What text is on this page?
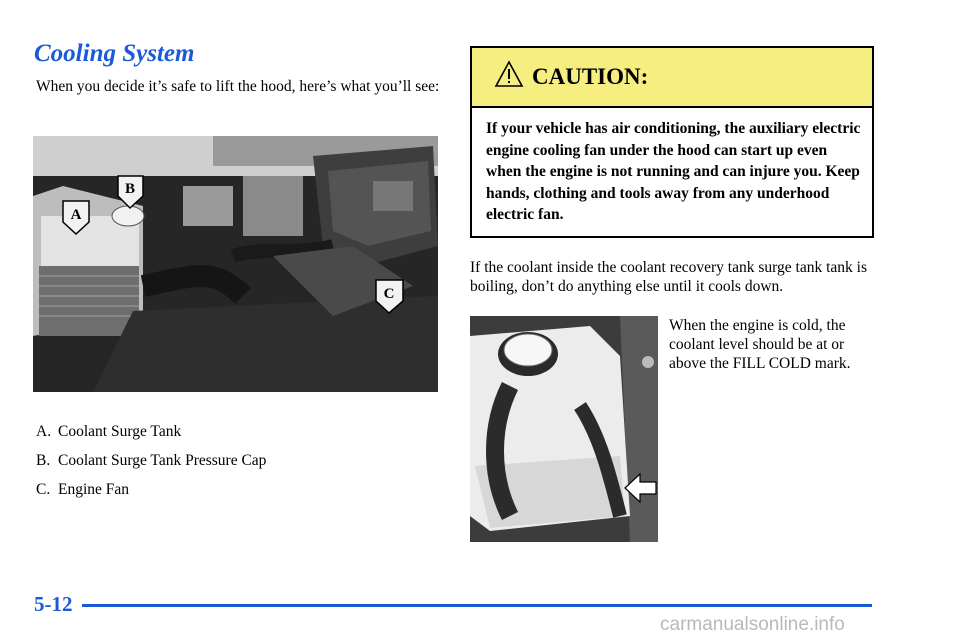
Cooling System
When you decide it’s safe to lift the hood, here’s what you’ll see:
A
B
C
A. Coolant Surge Tank
B. Coolant Surge Tank Pressure Cap
C. Engine Fan
CAUTION:
If your vehicle has air conditioning, the auxiliary electric engine cooling fan under the hood can start up even when the engine is not running and can injure you. Keep hands, clothing and tools away from any underhood electric fan.
If the coolant inside the coolant recovery tank surge tank tank is boiling, don’t do anything else until it cools down.
When the engine is cold, the coolant level should be at or above the FILL COLD mark.
5-12
carmanualsonline.info
